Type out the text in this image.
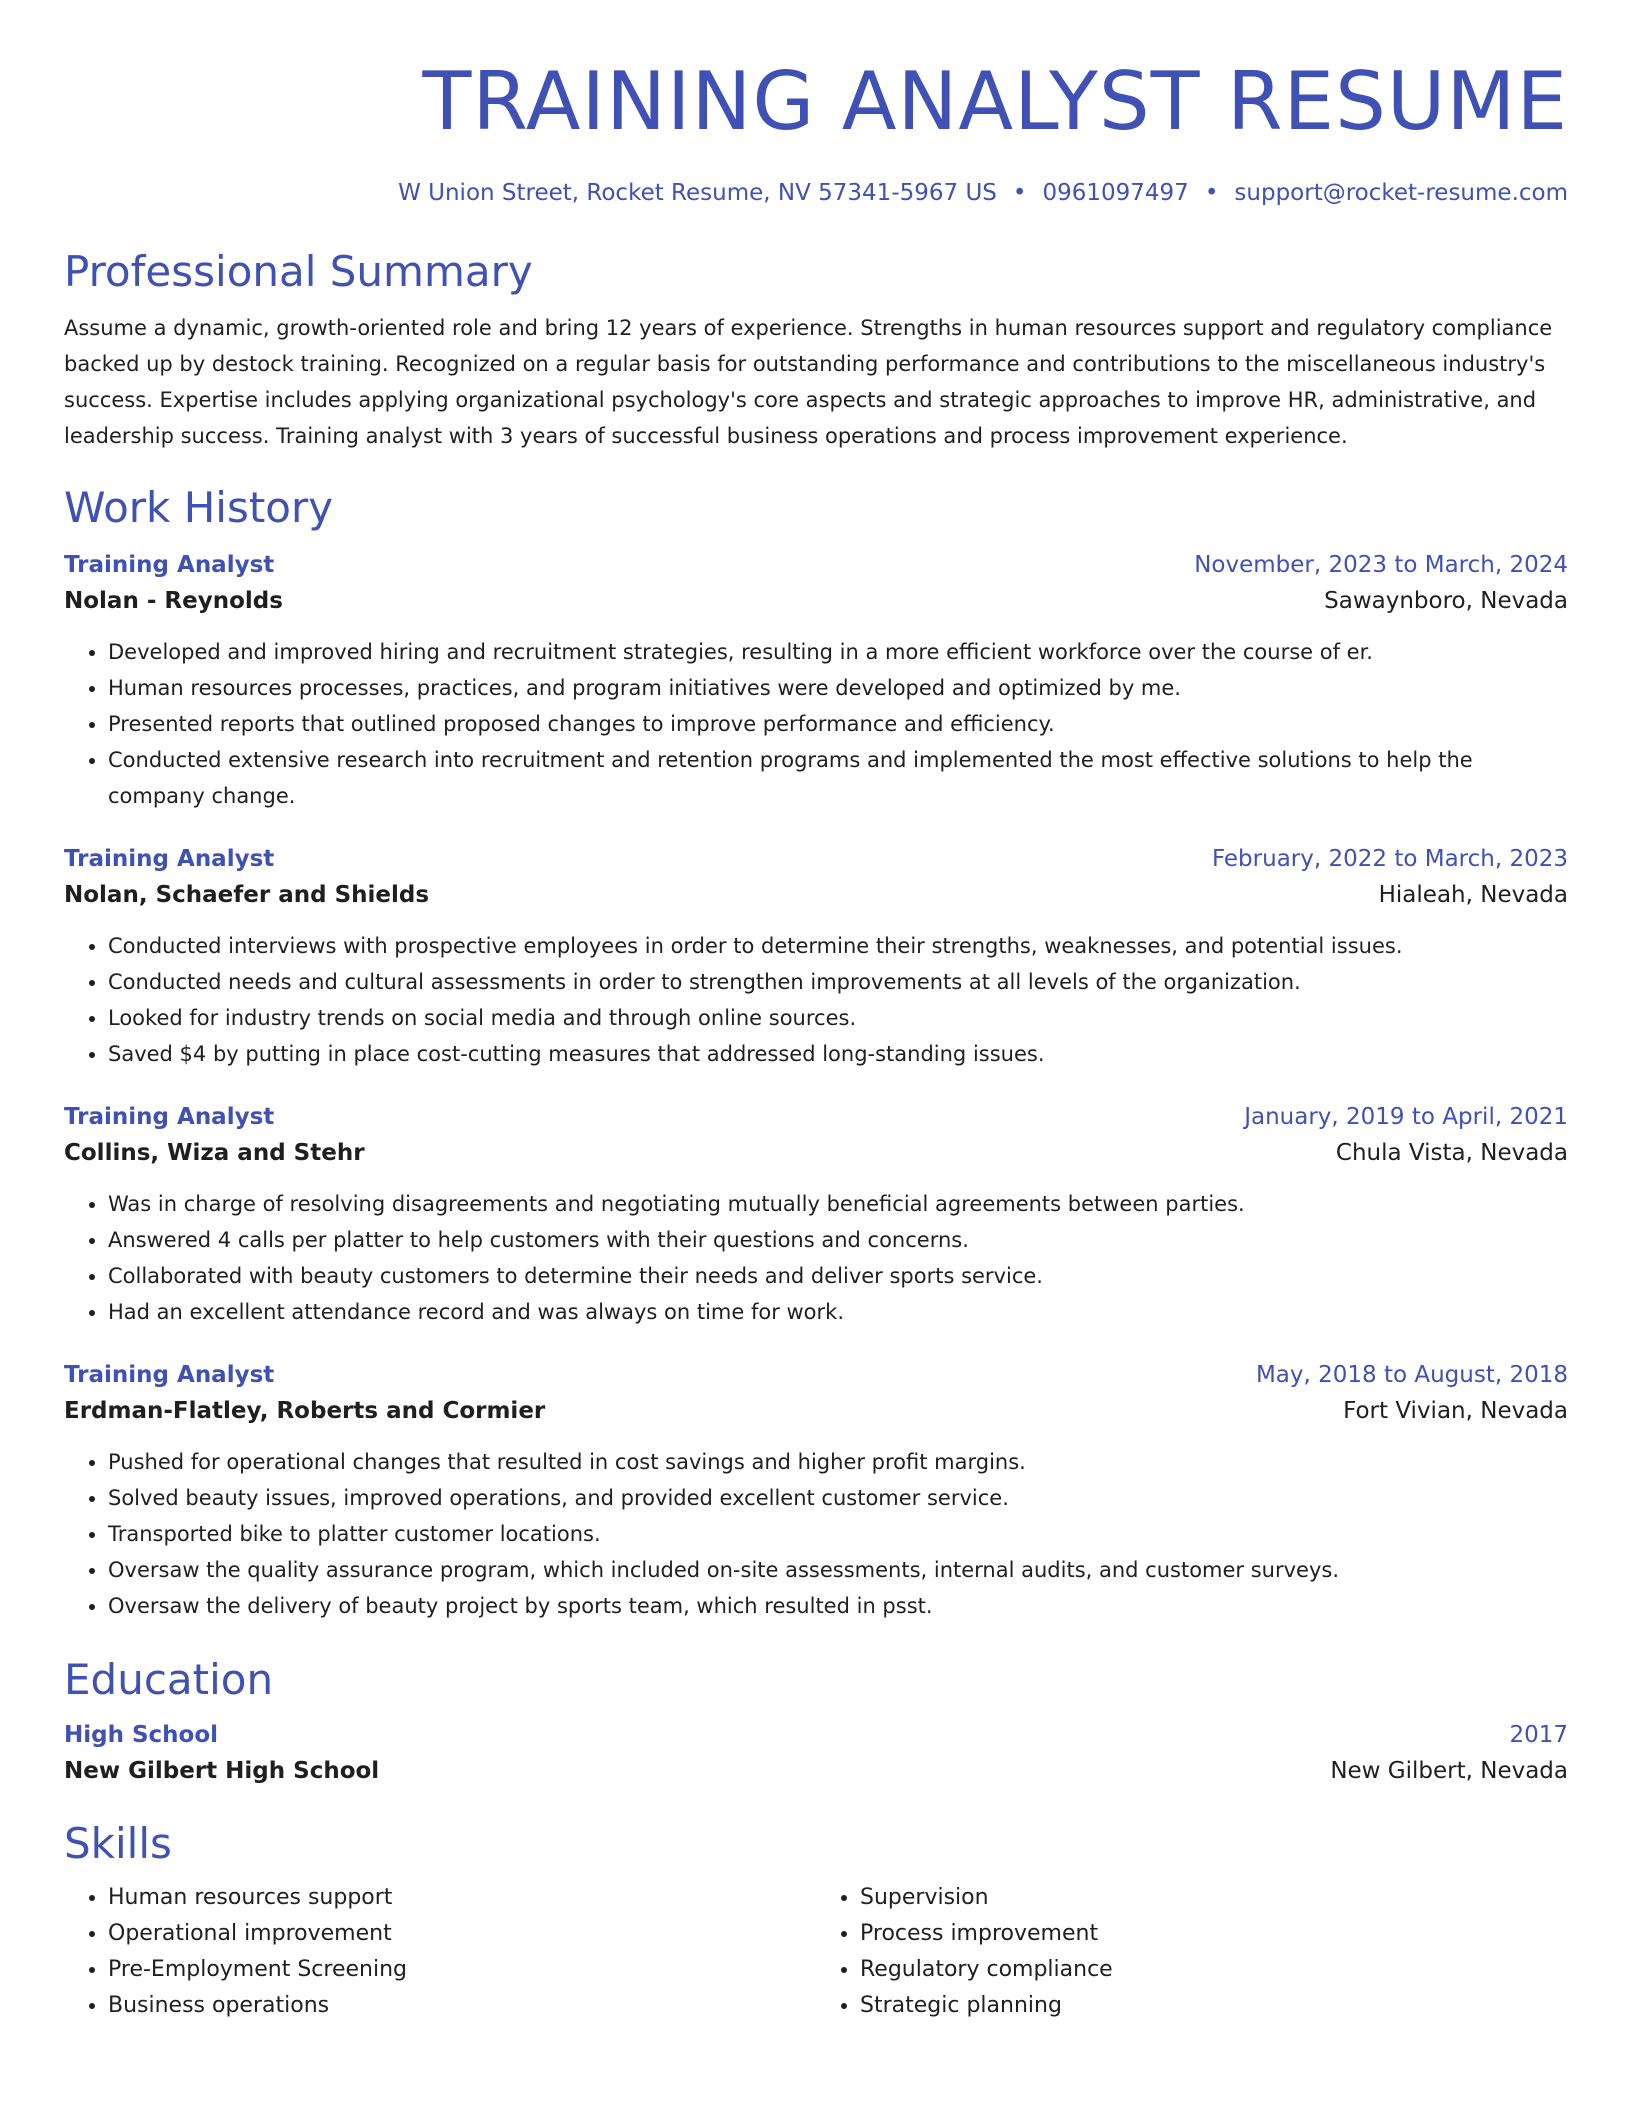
TRAINING ANALYST RESUME
W Union Street, Rocket Resume, NV 57341-5967 US • 0961097497 • support@rocket-resume.com
Professional Summary

Assume a dynamic, growth-oriented role and bring 12 years of experience. Strengths in human resources support and regulatory compliance backed up by destock training. Recognized on a regular basis for outstanding performance and contributions to the miscellaneous industry's success. Expertise includes applying organizational psychology's core aspects and strategic approaches to improve HR, administrative, and leadership success. Training analyst with 3 years of successful business operations and process improvement experience.

Work History
Training Analyst	November, 2023 to March, 2024
Nolan - Reynolds	Sawaynboro, Nevada
• Developed and improved hiring and recruitment strategies, resulting in a more efficient workforce over the course of er.
• Human resources processes, practices, and program initiatives were developed and optimized by me.
• Presented reports that outlined proposed changes to improve performance and efficiency.
• Conducted extensive research into recruitment and retention programs and implemented the most effective solutions to help the company change.
Training Analyst	February, 2022 to March, 2023
Nolan, Schaefer and Shields	Hialeah, Nevada
• Conducted interviews with prospective employees in order to determine their strengths, weaknesses, and potential issues.
• Conducted needs and cultural assessments in order to strengthen improvements at all levels of the organization.
• Looked for industry trends on social media and through online sources.
• Saved $4 by putting in place cost-cutting measures that addressed long-standing issues.
Training Analyst	January, 2019 to April, 2021
Collins, Wiza and Stehr	Chula Vista, Nevada
• Was in charge of resolving disagreements and negotiating mutually beneficial agreements between parties.
• Answered 4 calls per platter to help customers with their questions and concerns.
• Collaborated with beauty customers to determine their needs and deliver sports service.
• Had an excellent attendance record and was always on time for work.
Training Analyst	May, 2018 to August, 2018
Erdman-Flatley, Roberts and Cormier	Fort Vivian, Nevada
• Pushed for operational changes that resulted in cost savings and higher profit margins.
• Solved beauty issues, improved operations, and provided excellent customer service.
• Transported bike to platter customer locations.
• Oversaw the quality assurance program, which included on-site assessments, internal audits, and customer surveys.
• Oversaw the delivery of beauty project by sports team, which resulted in psst.
Education
High School	2017
New Gilbert High School	New Gilbert, Nevada
Skills
• Human resources support
• Operational improvement
• Pre-Employment Screening
• Business operations
• Supervision
• Process improvement
• Regulatory compliance
• Strategic planning
